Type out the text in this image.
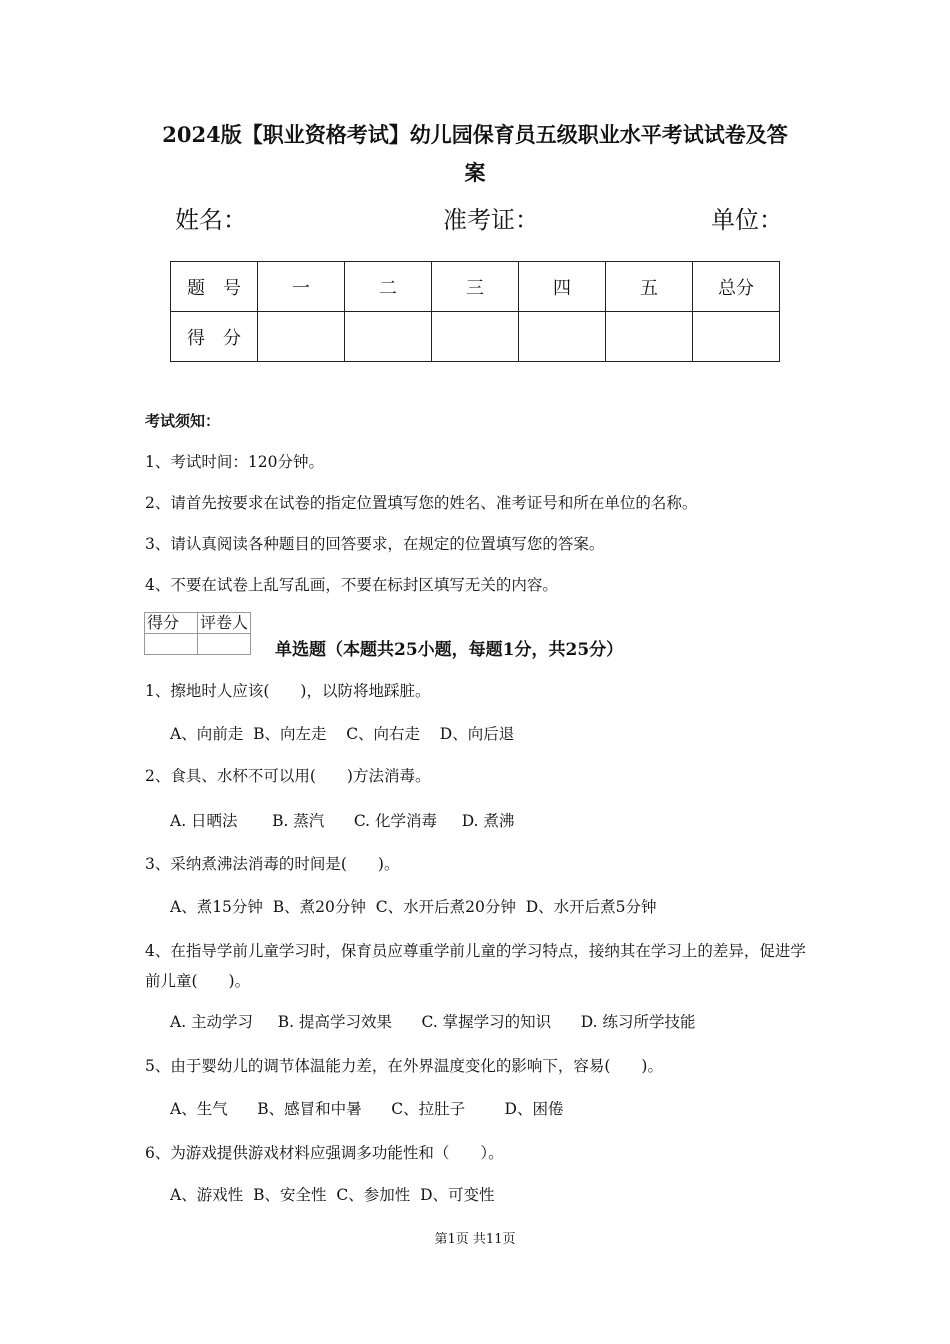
2024版【职业资格考试】幼儿园保育员五级职业水平考试试卷及答
案
姓名：	准考证：	单位：
题　号	一	二	三	四	五	总分
得　分						
考试须知：
1、考试时间：120分钟。
2、请首先按要求在试卷的指定位置填写您的姓名、准考证号和所在单位的名称。
3、请认真阅读各种题目的回答要求，在规定的位置填写您的答案。
4、不要在试卷上乱写乱画，不要在标封区填写无关的内容。
得分	评卷人

单选题（本题共25小题，每题1分，共25分）
1、擦地时人应该(　　)，以防将地踩脏。
A、向前走 B、向左走 C、向右走 D、向后退
2、食具、水杯不可以用(　　)方法消毒。
A. 日晒法 B. 蒸汽 C. 化学消毒 D. 煮沸
3、采纳煮沸法消毒的时间是(　　)。
A、煮15分钟 B、煮20分钟 C、水开后煮20分钟 D、水开后煮5分钟
4、在指导学前儿童学习时，保育员应尊重学前儿童的学习特点，接纳其在学习上的差异，促进学前儿童(　　)。
A. 主动学习 B. 提高学习效果 C. 掌握学习的知识 D. 练习所学技能
5、由于婴幼儿的调节体温能力差，在外界温度变化的影响下，容易(　　)。
A、生气 B、感冒和中暑 C、拉肚子	D、困倦
6、为游戏提供游戏材料应强调多功能性和（　　）。
A、游戏性 B、安全性 C、参加性 D、可变性
第1页 共11页
